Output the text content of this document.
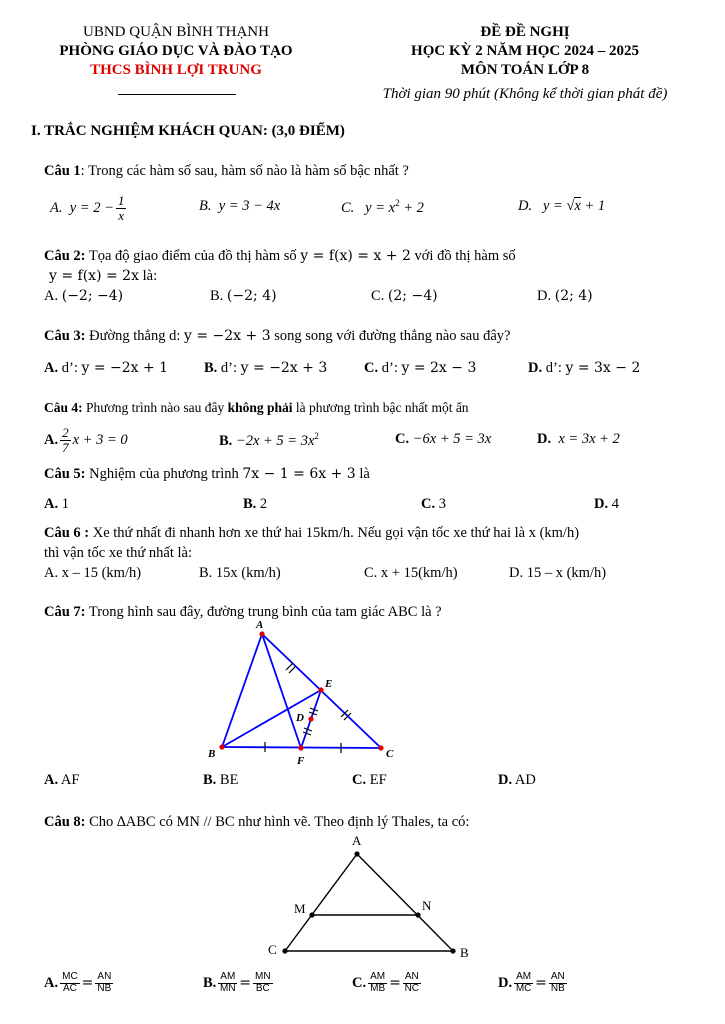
UBND QUẬN BÌNH THẠNH
PHÒNG GIÁO DỤC VÀ ĐÀO TẠO
THCS BÌNH LỢI TRUNG
ĐỀ ĐỀ NGHỊ
HỌC KỲ 2 NĂM HỌC 2024 – 2025
MÔN TOÁN LỚP 8
Thời gian 90 phút (Không kể thời gian phát đề)
I. TRẮC NGHIỆM KHÁCH QUAN: (3,0 ĐIỂM)
Câu 1: Trong các hàm số sau, hàm số nào là hàm số bậc nhất ?
A.
$y = 2 - \frac{1}{x}$	B. y = 3 − 4x	C. $y = x^2 + 2$	D. y = √x + 1
Câu 2: Tọa độ giao điểm của đồ thị hàm số y = f(x) = x + 2 với đồ thị hàm số
y = f(x) = 2x là:
A. (−2; −4)	B. (−2; 4)	C. (2; −4)	D. (2; 4)
Câu 3: Đường thẳng d: y = −2x + 3 song song với đường thẳng nào sau đây?
A. d’: y = −2x + 1 B. d’: y = −2x + 3	C. d’: y = 2x − 3	D. d’: y = 3x − 2
Câu 4: Phương trình nào sau đây không phải là phương trình bậc nhất một ẩn
A. $\frac{2}{7}$ x + 3 = 0	B. $-2x + 5 = 3x^2$	C. −6x + 5 = 3x	D. x = 3x + 2
Câu 5: Nghiệm của phương trình 7x − 1 = 6x + 3 là
A. 1	B. 2	C. 3	D. 4
Câu 6 : Xe thứ nhất đi nhanh hơn xe thứ hai 15km/h. Nếu gọi vận tốc xe thứ hai là x (km/h)
thì vận tốc xe thứ nhất là:
A. x – 15 (km/h)	B. 15x (km/h)	C. x + 15(km/h)	D. 15 – x (km/h)
Câu 7: Trong hình sau đây, đường trung bình của tam giác ABC là ?
A
E
D
B
F
C
A. AF	B. BE	C. EF	D. AD
Câu 8: Cho ∆ABC có MN // BC như hình vẽ. Theo định lý Thales, ta có:
A
M	N
C	B
A. $\frac{MC}{AC} = \frac{AN}{NB}$	B. $\frac{AM}{MN} = \frac{MN}{BC}$	C. $\frac{AM}{MB} = \frac{AN}{NC}$	D. $\frac{AM}{MC} = \frac{AN}{NB}$
